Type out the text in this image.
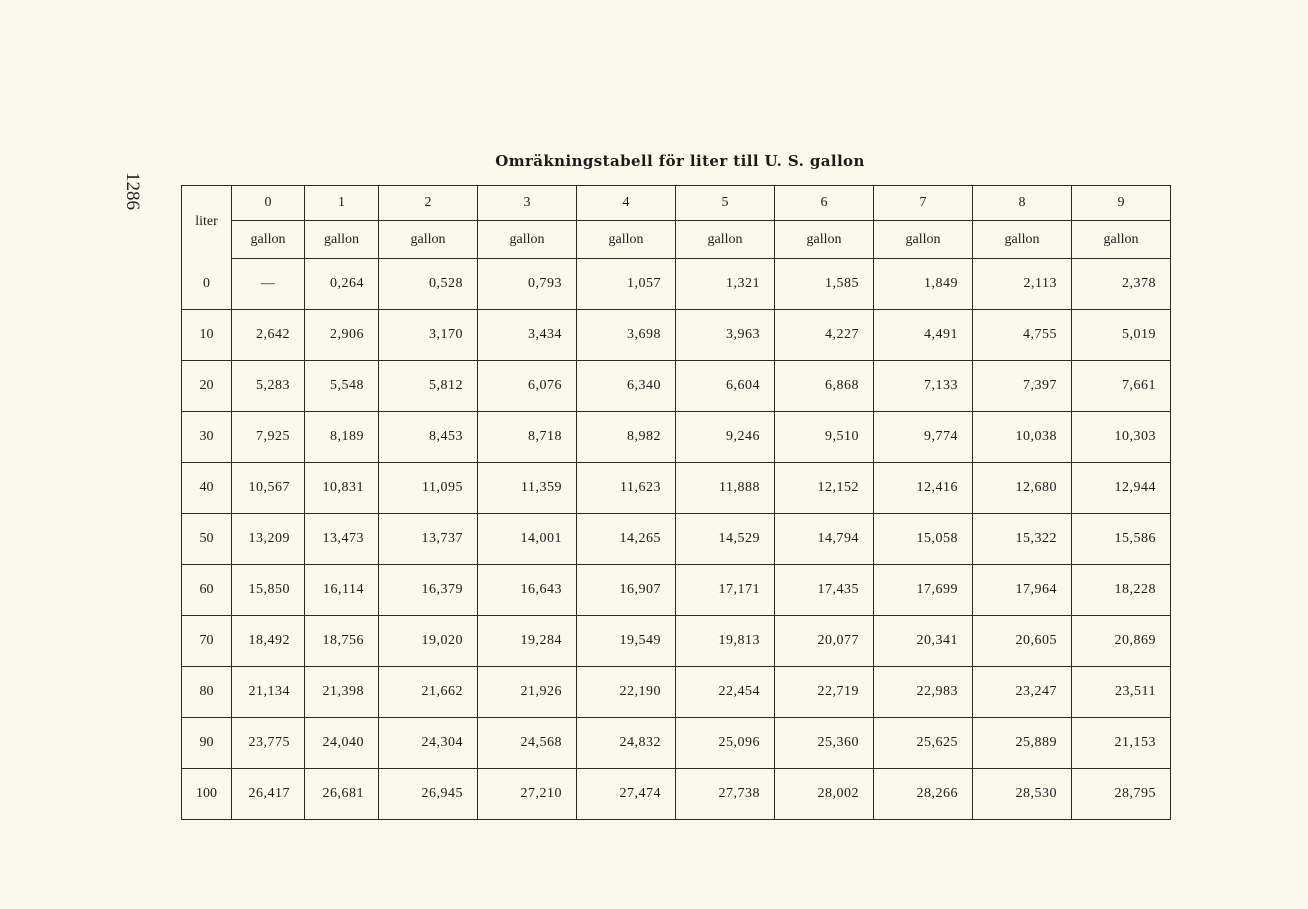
1286
Omräkningstabell för liter till U. S. gallon
liter	0	1	2	3	4	5	6	7	8	9
	gallon	gallon	gallon	gallon	gallon	gallon	gallon	gallon	gallon	gallon
0	—	0,264	0,528	0,793	1,057	1,321	1,585	1,849	2,113	2,378
10	2,642	2,906	3,170	3,434	3,698	3,963	4,227	4,491	4,755	5,019
20	5,283	5,548	5,812	6,076	6,340	6,604	6,868	7,133	7,397	7,661
30	7,925	8,189	8,453	8,718	8,982	9,246	9,510	9,774	10,038	10,303
40	10,567	10,831	11,095	11,359	11,623	11,888	12,152	12,416	12,680	12,944
50	13,209	13,473	13,737	14,001	14,265	14,529	14,794	15,058	15,322	15,586
60	15,850	16,114	16,379	16,643	16,907	17,171	17,435	17,699	17,964	18,228
70	18,492	18,756	19,020	19,284	19,549	19,813	20,077	20,341	20,605	20,869
80	21,134	21,398	21,662	21,926	22,190	22,454	22,719	22,983	23,247	23,511
90	23,775	24,040	24,304	24,568	24,832	25,096	25,360	25,625	25,889	21,153
100	26,417	26,681	26,945	27,210	27,474	27,738	28,002	28,266	28,530	28,795
